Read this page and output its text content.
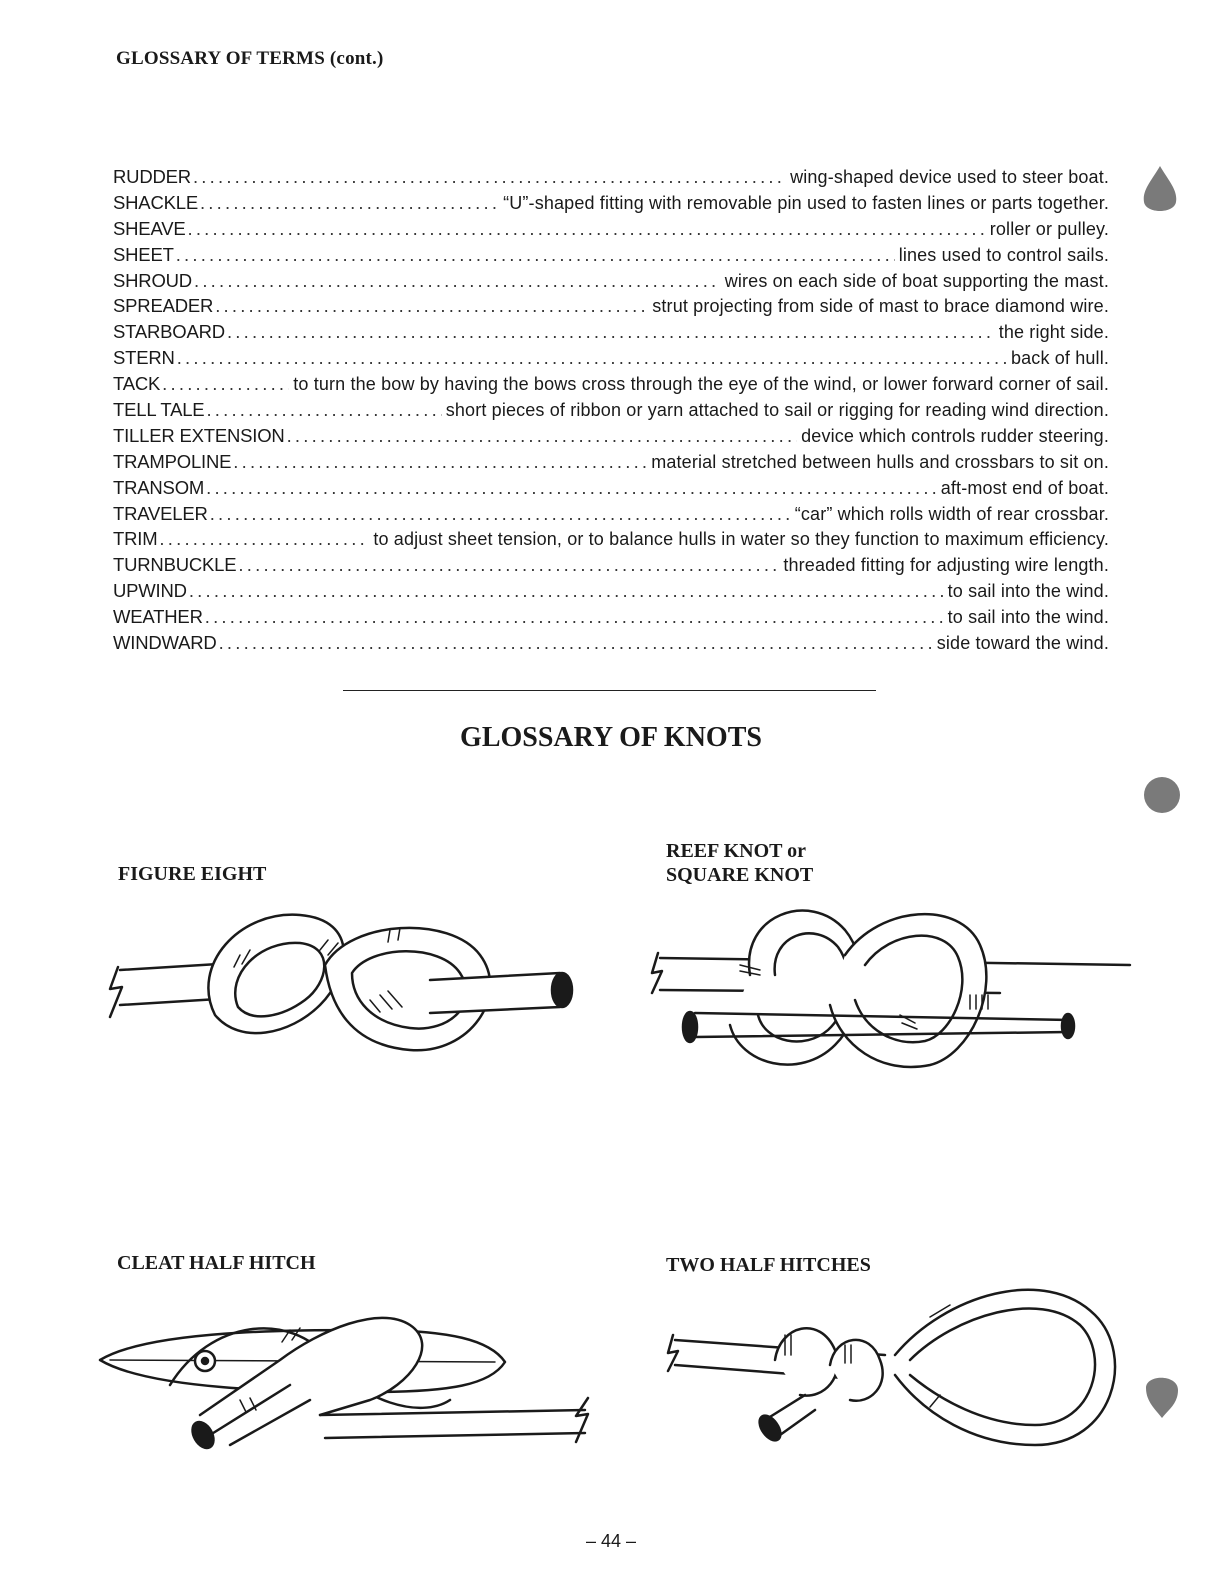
GLOSSARY OF TERMS (cont.)
RUDDER .....	wing-shaped device used to steer boat.
SHACKLE .....	“U”-shaped fitting with removable pin used to fasten lines or parts together.
SHEAVE .....	roller or pulley.
SHEET .....	lines used to control sails.
SHROUD .....	wires on each side of boat supporting the mast.
SPREADER .....	strut projecting from side of mast to brace diamond wire.
STARBOARD .....	the right side.
STERN .....	back of hull.
TACK .....	to turn the bow by having the bows cross through the eye of the wind, or lower forward corner of sail.
TELL TALE .....	short pieces of ribbon or yarn attached to sail or rigging for reading wind direction.
TILLER EXTENSION .....	device which controls rudder steering.
TRAMPOLINE .....	material stretched between hulls and crossbars to sit on.
TRANSOM .....	aft-most end of boat.
TRAVELER .....	“car” which rolls width of rear crossbar.
TRIM .....	to adjust sheet tension, or to balance hulls in water so they function to maximum efficiency.
TURNBUCKLE .....	threaded fitting for adjusting wire length.
UPWIND .....	to sail into the wind.
WEATHER .....	to sail into the wind.
WINDWARD .....	side toward the wind.
GLOSSARY OF KNOTS
FIGURE EIGHT
REEF KNOT or
SQUARE KNOT
CLEAT HALF HITCH	TWO HALF HITCHES
– 44 –
